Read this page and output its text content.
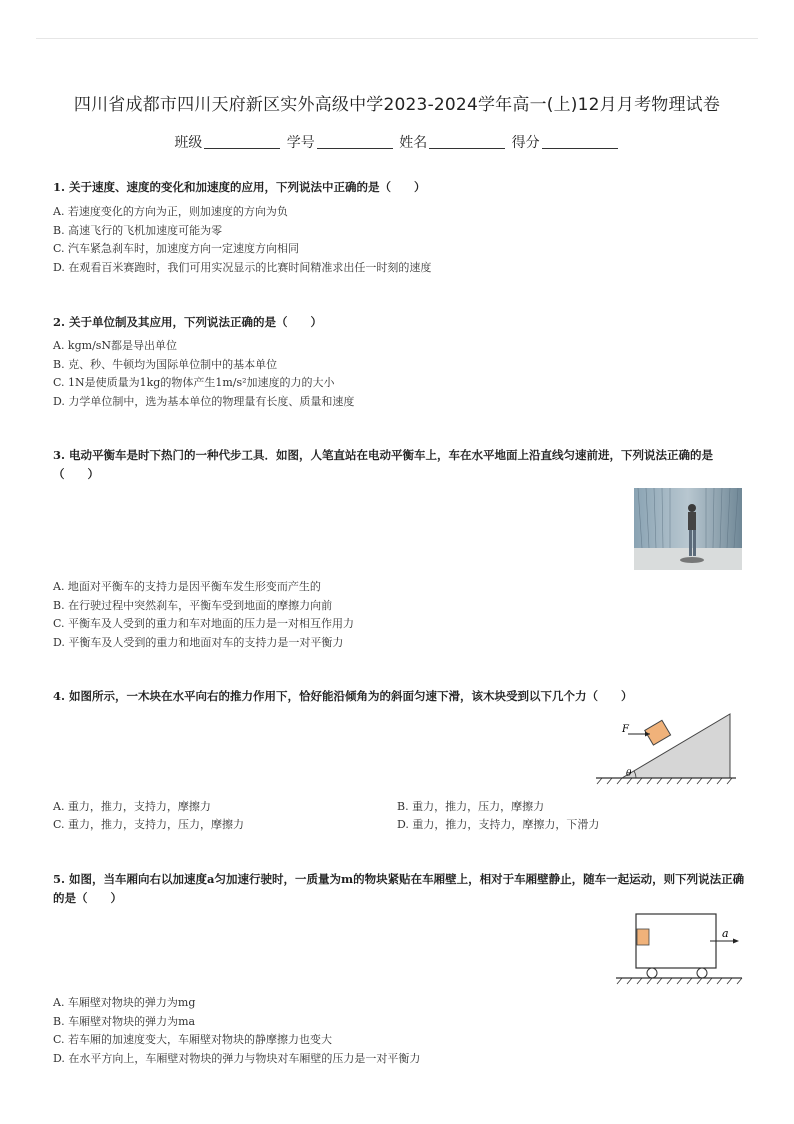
四川省成都市四川天府新区实外高级中学2023-2024学年高一(上)12月月考物理试卷
班级	学号	姓名	得分
1. 关于速度、速度的变化和加速度的应用，下列说法中正确的是（　　）
A. 若速度变化的方向为正，则加速度的方向为负
B. 高速飞行的飞机加速度可能为零
C. 汽车紧急刹车时，加速度方向一定速度方向相同
D. 在观看百米赛跑时，我们可用实况显示的比赛时间精准求出任一时刻的速度
2. 关于单位制及其应用，下列说法正确的是（　　）
A. kgm/sN都是导出单位
B. 克、秒、牛顿均为国际单位制中的基本单位
C. 1N是使质量为1kg的物体产生1m/s²加速度的力的大小
D. 力学单位制中，选为基本单位的物理量有长度、质量和速度
3. 电动平衡车是时下热门的一种代步工具．如图，人笔直站在电动平衡车上，车在水平地面上沿直线匀速前进，下列说法正确的是（　　）
A. 地面对平衡车的支持力是因平衡车发生形变而产生的
B. 在行驶过程中突然刹车，平衡车受到地面的摩擦力向前
C. 平衡车及人受到的重力和车对地面的压力是一对相互作用力
D. 平衡车及人受到的重力和地面对车的支持力是一对平衡力
4. 如图所示，一木块在水平向右的推力作用下，恰好能沿倾角为的斜面匀速下滑，该木块受到以下几个力（　　）
F
θ
A. 重力，推力，支持力，摩擦力	B. 重力，推力，压力，摩擦力
C. 重力，推力，支持力，压力，摩擦力	D. 重力，推力，支持力，摩擦力，下滑力
5. 如图，当车厢向右以加速度a匀加速行驶时，一质量为m的物块紧贴在车厢壁上，相对于车厢壁静止，随车一起运动，则下列说法正确的是（　　）
a
A. 车厢壁对物块的弹力为mg
B. 车厢壁对物块的弹力为ma
C. 若车厢的加速度变大，车厢壁对物块的静摩擦力也变大
D. 在水平方向上，车厢壁对物块的弹力与物块对车厢壁的压力是一对平衡力
